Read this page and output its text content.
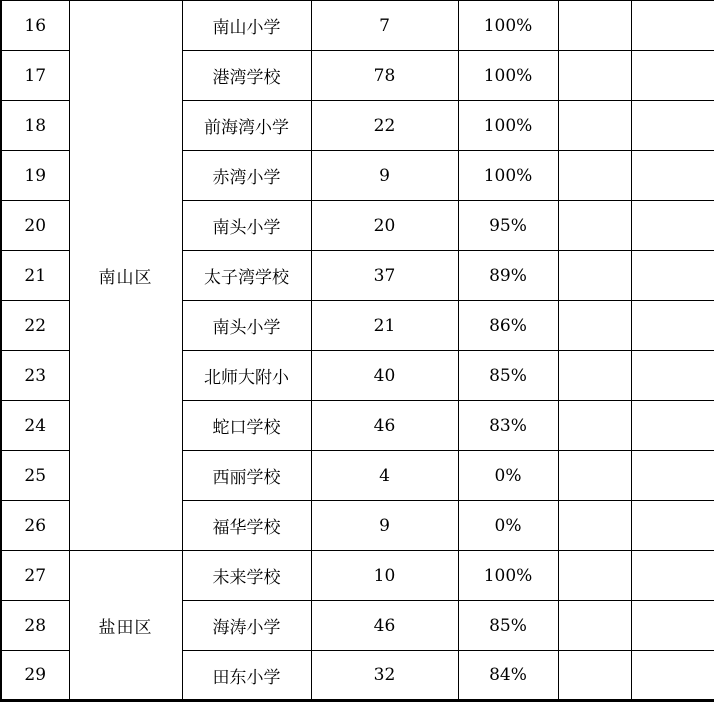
16	南山区	南山小学	7	100%		
17		港湾学校	78	100%		
18		前海湾小学	22	100%		
19		赤湾小学	9	100%		
20		南头小学	20	95%		
21		太子湾学校	37	89%		
22		南头小学	21	86%		
23		北师大附小	40	85%		
24		蛇口学校	46	83%		
25		西丽学校	4	0%		
26		福华学校	9	0%		
27	盐田区	未来学校	10	100%		
28		海涛小学	46	85%		
29		田东小学	32	84%		
